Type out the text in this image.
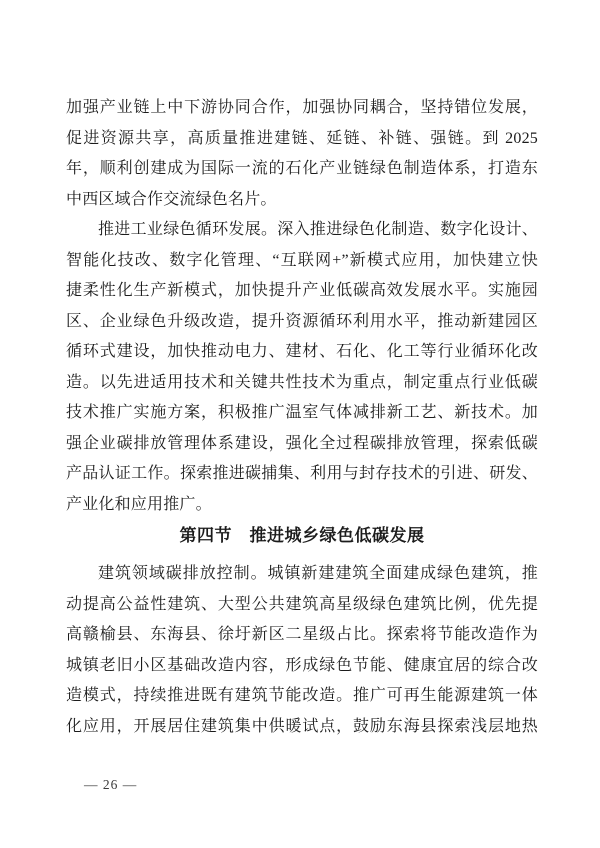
加强产业链上中下游协同合作，加强协同耦合，坚持错位发展，
促进资源共享，高质量推进建链、延链、补链、强链。到 2025
年，顺利创建成为国际一流的石化产业链绿色制造体系，打造东
中西区域合作交流绿色名片。
推进工业绿色循环发展。深入推进绿色化制造、数字化设计、
智能化技改、数字化管理、“互联网+”新模式应用，加快建立快
捷柔性化生产新模式，加快提升产业低碳高效发展水平。实施园
区、企业绿色升级改造，提升资源循环利用水平，推动新建园区
循环式建设，加快推动电力、建材、石化、化工等行业循环化改
造。以先进适用技术和关键共性技术为重点，制定重点行业低碳
技术推广实施方案，积极推广温室气体减排新工艺、新技术。加
强企业碳排放管理体系建设，强化全过程碳排放管理，探索低碳
产品认证工作。探索推进碳捕集、利用与封存技术的引进、研发、
产业化和应用推广。
第四节　推进城乡绿色低碳发展
建筑领域碳排放控制。城镇新建建筑全面建成绿色建筑，推
动提高公益性建筑、大型公共建筑高星级绿色建筑比例，优先提
高赣榆县、东海县、徐圩新区二星级占比。探索将节能改造作为
城镇老旧小区基础改造内容，形成绿色节能、健康宜居的综合改
造模式，持续推进既有建筑节能改造。推广可再生能源建筑一体
化应用，开展居住建筑集中供暖试点，鼓励东海县探索浅层地热
— 26 —
